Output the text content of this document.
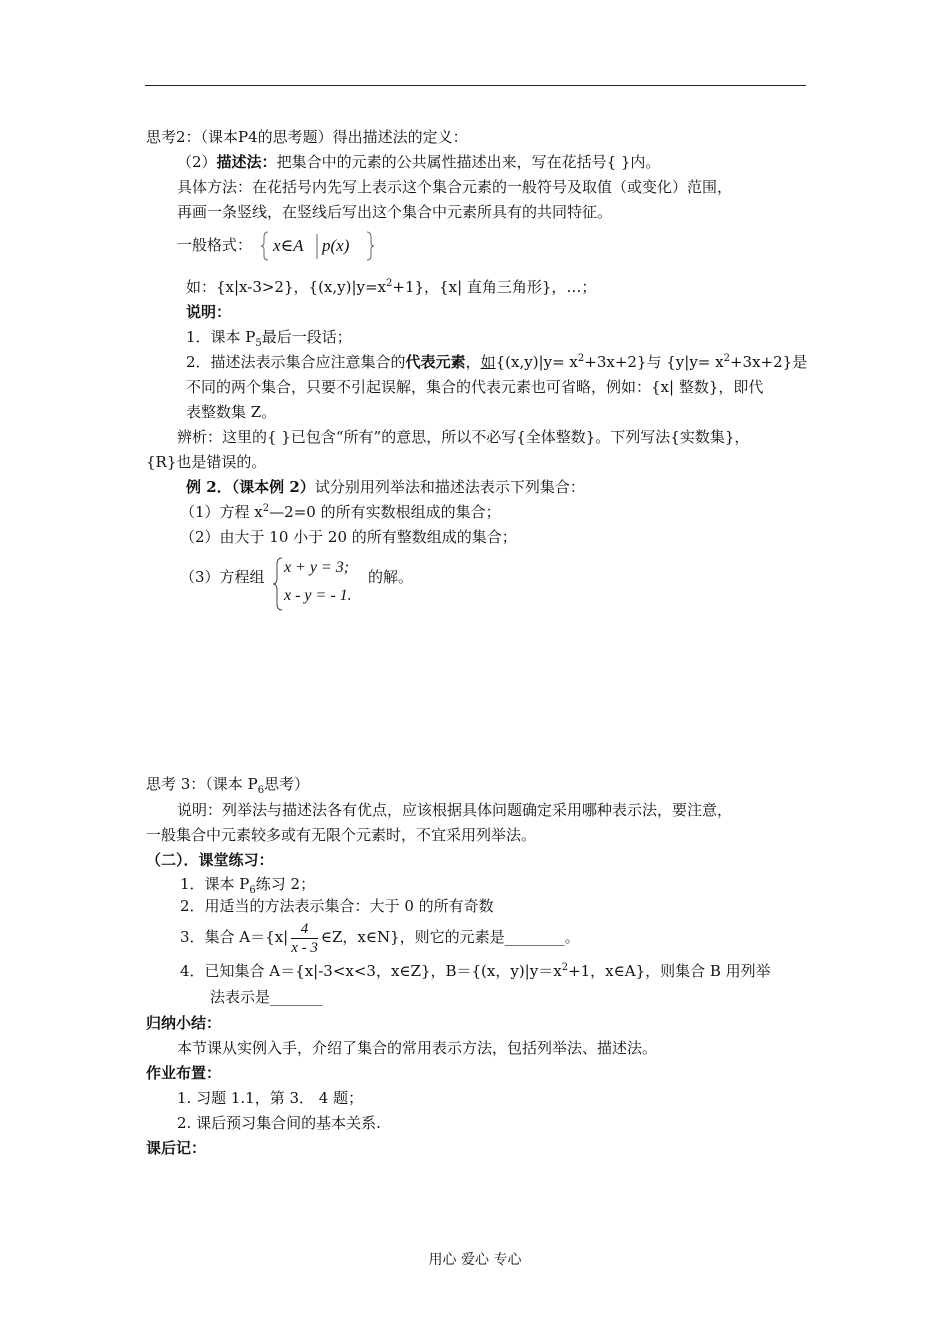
思考2：（课本P4的思考题）得出描述法的定义：
（2）描述法：把集合中的元素的公共属性描述出来，写在花括号{ }内。
具体方法：在花括号内先写上表示这个集合元素的一般符号及取值（或变化）范围，
再画一条竖线，在竖线后写出这个集合中元素所具有的共同特征。
一般格式： x∈A p(x)
如：{x|x-3>2}，$\{(x,y)|y=x^2+1\}$，{x| 直角三角形}，…；
说明：
1．课本 $P_5$最后一段话；
2．描述法表示集合应注意集合的代表元素，如$\{(x,y)|y= x^2+3x+2\}$与 $\{y|y= x^2+3x+2\}$是
不同的两个集合，只要不引起误解，集合的代表元素也可省略，例如：{x| 整数}，即代
表整数集 Z。
辨析：这里的{ }已包含“所有”的意思，所以不必写{全体整数}。下列写法{实数集}，
{R}也是错误的。
例 2．（课本例 2）试分别用列举法和描述法表示下列集合：
（1）方程 $x^2—2=0$ 的所有实数根组成的集合；
（2）由大于 10 小于 20 的所有整数组成的集合；
（3）方程组
x + y = 3;
x - y = - 1.
的解。
思考 3：（课本 $P_6$思考）
说明：列举法与描述法各有优点，应该根据具体问题确定采用哪种表示法，要注意，
一般集合中元素较多或有无限个元素时，不宜采用列举法。
（二）．课堂练习：
1．课本 $P_6$练习 2；
2．用适当的方法表示集合：大于 0 的所有奇数
3．集合 $A=\{x| \frac{4}{x - 3}$ ∈Z，x∈N}，则它的元素是________。
4．已知集合 A＝{x|-3<x<3，x∈Z}，B＝{(x，$y)|y=x^2+1$，x∈A}，则集合 B 用列举
法表示是_______
归纳小结：
本节课从实例入手，介绍了集合的常用表示方法，包括列举法、描述法。
作业布置：
1. 习题 1.1，第 3． 4 题；
2. 课后预习集合间的基本关系.
课后记：
用心 爱心 专心
